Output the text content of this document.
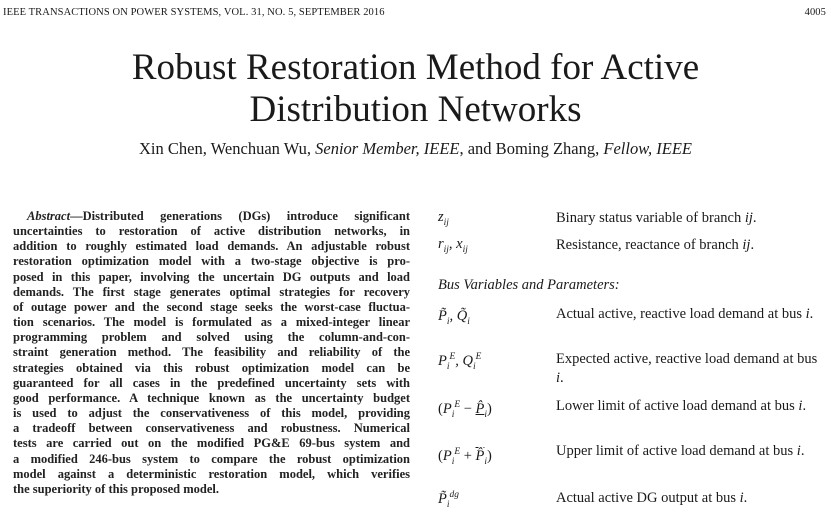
IEEE TRANSACTIONS ON POWER SYSTEMS, VOL. 31, NO. 5, SEPTEMBER 2016	4005
Robust Restoration Method for Active
Distribution Networks
Xin Chen, Wenchuan Wu, Senior Member, IEEE, and Boming Zhang, Fellow, IEEE
Abstract—Distributed generations (DGs) introduce significant
uncertainties to restoration of active distribution networks, in
addition to roughly estimated load demands. An adjustable robust
restoration optimization model with a two-stage objective is pro-
posed in this paper, involving the uncertain DG outputs and load
demands. The first stage generates optimal strategies for recovery
of outage power and the second stage seeks the worst-case fluctua-
tion scenarios. The model is formulated as a mixed-integer linear
programming problem and solved using the column-and-con-
straint generation method. The feasibility and reliability of the
strategies obtained via this robust optimization model can be
guaranteed for all cases in the predefined uncertainty sets with
good performance. A technique known as the uncertainty budget
is used to adjust the conservativeness of this model, providing
a tradeoff between conservativeness and robustness. Numerical
tests are carried out on the modified PG&E 69-bus system and
a modified 246-bus system to compare the robust optimization
model against a deterministic restoration model, which verifies
the superiority of this proposed model.
$z_{ij}$	Binary status variable of branch ij.
$r_{ij}$, $x_{ij}$	Resistance, reactance of branch ij.
Bus Variables and Parameters:
$P̃_i$, $Q̃_i$	Actual active, reactive load demand at bus i.
$P_i^E$, $Q_i^E$	Expected active, reactive load demand at bus i.
($P_i^E$ − $P̂_i$)	Lower limit of active load demand at bus i.
($P_i^E$ + $P̂_i$)	Upper limit of active load demand at bus i.
$P̃_i^{dg}$	Actual active DG output at bus i.
